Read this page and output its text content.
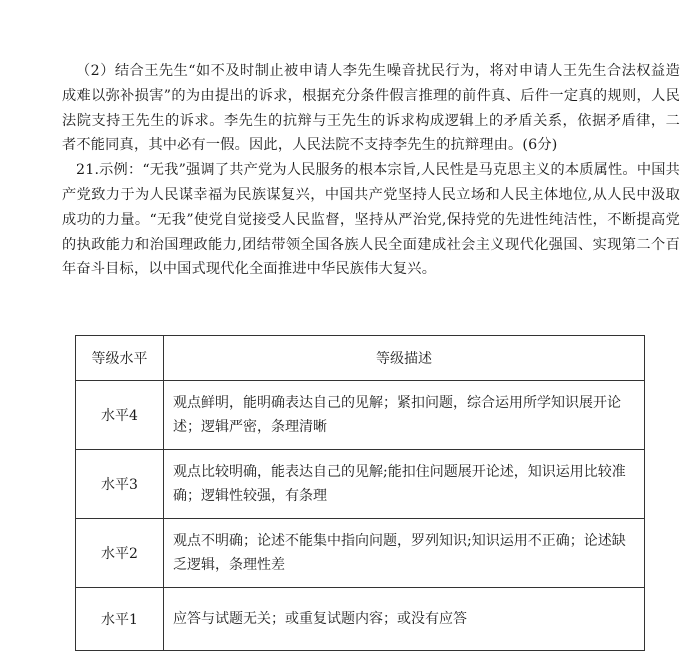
（2）结合王先生“如不及时制止被申请人李先生噪音扰民行为，将对申请人王先生合法权益造成难以弥补损害”的为由提出的诉求，根据充分条件假言推理的前件真、后件一定真的规则，人民法院支持王先生的诉求。李先生的抗辩与王先生的诉求构成逻辑上的矛盾关系，依据矛盾律，二者不能同真，其中必有一假。因此，人民法院不支持李先生的抗辩理由。(6分)

21.示例：“无我”强调了共产党为人民服务的根本宗旨,人民性是马克思主义的本质属性。中国共产党致力于为人民谋幸福为民族谋复兴，中国共产党坚持人民立场和人民主体地位,从人民中汲取成功的力量。“无我”使党自觉接受人民监督，坚持从严治党,保持党的先进性纯洁性，不断提高党的执政能力和治国理政能力,团结带领全国各族人民全面建成社会主义现代化强国、实现第二个百年奋斗目标，以中国式现代化全面推进中华民族伟大复兴。

等级水平	等级描述
水平4	观点鲜明，能明确表达自己的见解；紧扣问题，综合运用所学知识展开论述；逻辑严密，条理清晰
水平3	观点比较明确，能表达自己的见解;能扣住问题展开论述，知识运用比较准确；逻辑性较强，有条理
水平2	观点不明确；论述不能集中指向问题，罗列知识;知识运用不正确；论述缺乏逻辑，条理性差
水平1	应答与试题无关；或重复试题内容；或没有应答
